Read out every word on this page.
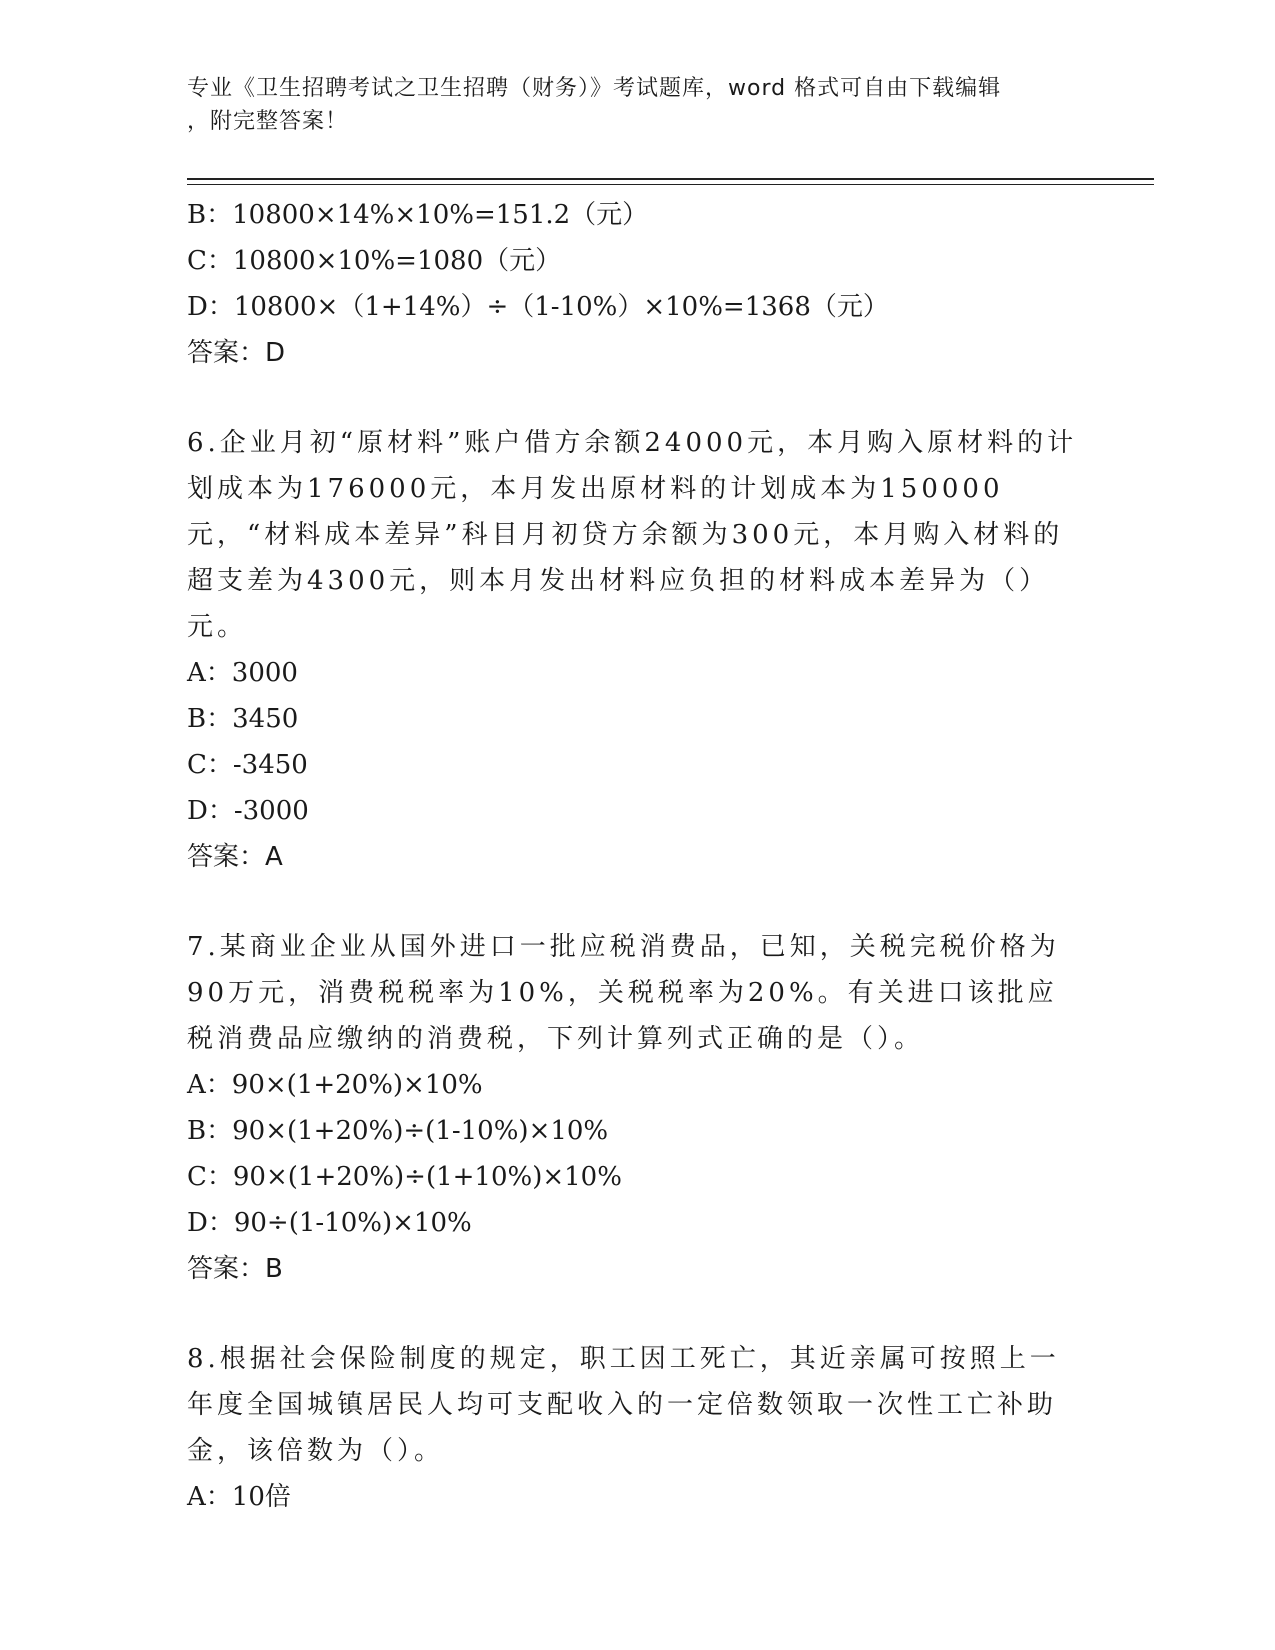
专业《卫生招聘考试之卫生招聘（财务）》考试题库，word 格式可自由下载编辑
，附完整答案！
B：10800×14%×10%=151.2（元）
C：10800×10%=1080（元）
D：10800×（1+14%）÷（1-10%）×10%=1368（元）
答案：D
6.企业月初“原材料”账户借方余额24000元，本月购入原材料的计划成本为176000元，本月发出原材料的计划成本为150000元，“材料成本差异”科目月初贷方余额为300元，本月购入材料的超支差为4300元，则本月发出材料应负担的材料成本差异为（）元。
A：3000
B：3450
C：-3450
D：-3000
答案：A
7.某商业企业从国外进口一批应税消费品，已知，关税完税价格为90万元，消费税税率为10%，关税税率为20%。有关进口该批应税消费品应缴纳的消费税，下列计算列式正确的是（）。
A：90×(1+20%)×10%
B：90×(1+20%)÷(1-10%)×10%
C：90×(1+20%)÷(1+10%)×10%
D：90÷(1-10%)×10%
答案：B
8.根据社会保险制度的规定，职工因工死亡，其近亲属可按照上一年度全国城镇居民人均可支配收入的一定倍数领取一次性工亡补助金，该倍数为（）。
A：10倍
